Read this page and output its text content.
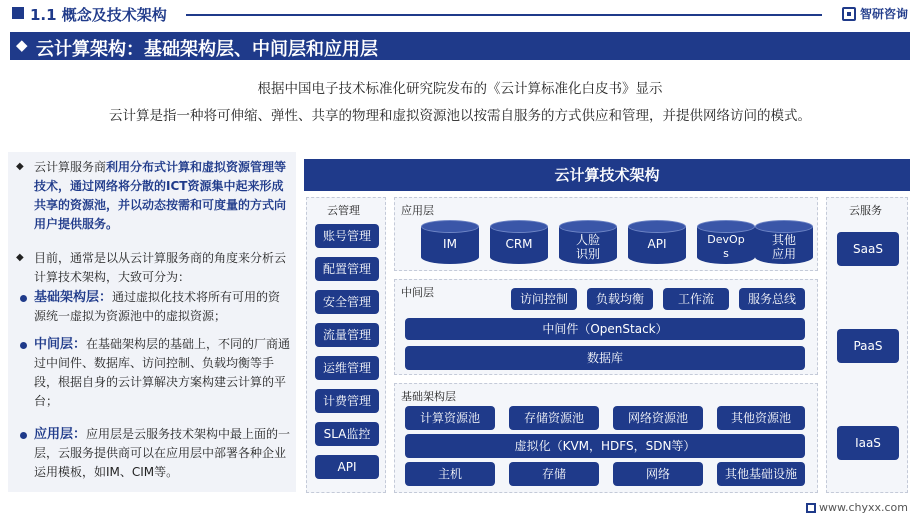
1.1 概念及技术架构	智研咨询
◆ 云计算架构：基础架构层、中间层和应用层
根据中国电子技术标准化研究院发布的《云计算标准化白皮书》显示
云计算是指一种将可伸缩、弹性、共享的物理和虚拟资源池以按需自服务的方式供应和管理，并提供网络访问的模式。
◆ 云计算服务商利用分布式计算和虚拟资源管理等技术，通过网络将分散的ICT资源集中起来形成共享的资源池，并以动态按需和可度量的方式向用户提供服务。
◆ 目前，通常是以从云计算服务商的角度来分析云计算技术架构，大致可分为：
基础架构层：通过虚拟化技术将所有可用的资源统一虚拟为资源池中的虚拟资源；
中间层：在基础架构层的基础上，不同的厂商通过中间件、数据库、访问控制、负载均衡等手段，根据自身的云计算解决方案构建云计算的平台；
应用层：应用层是云服务技术架构中最上面的一层，云服务提供商可以在应用层中部署各种企业运用模板，如IM、CIM等。
云计算技术架构
云管理
账号管理
配置管理
安全管理
流量管理
运维管理
计费管理
SLA监控
API
应用层
IM	CRM	人脸
识别
API	DevOp
s
其他
应用
中间层	访问控制	负载均衡	工作流	服务总线
中间件（OpenStack）
数据库
基础架构层
计算资源池	存储资源池	网络资源池	其他资源池
虚拟化（KVM，HDFS，SDN等）
主机	存储	网络	其他基础设施
云服务
SaaS
PaaS
IaaS
www.chyxx.com
